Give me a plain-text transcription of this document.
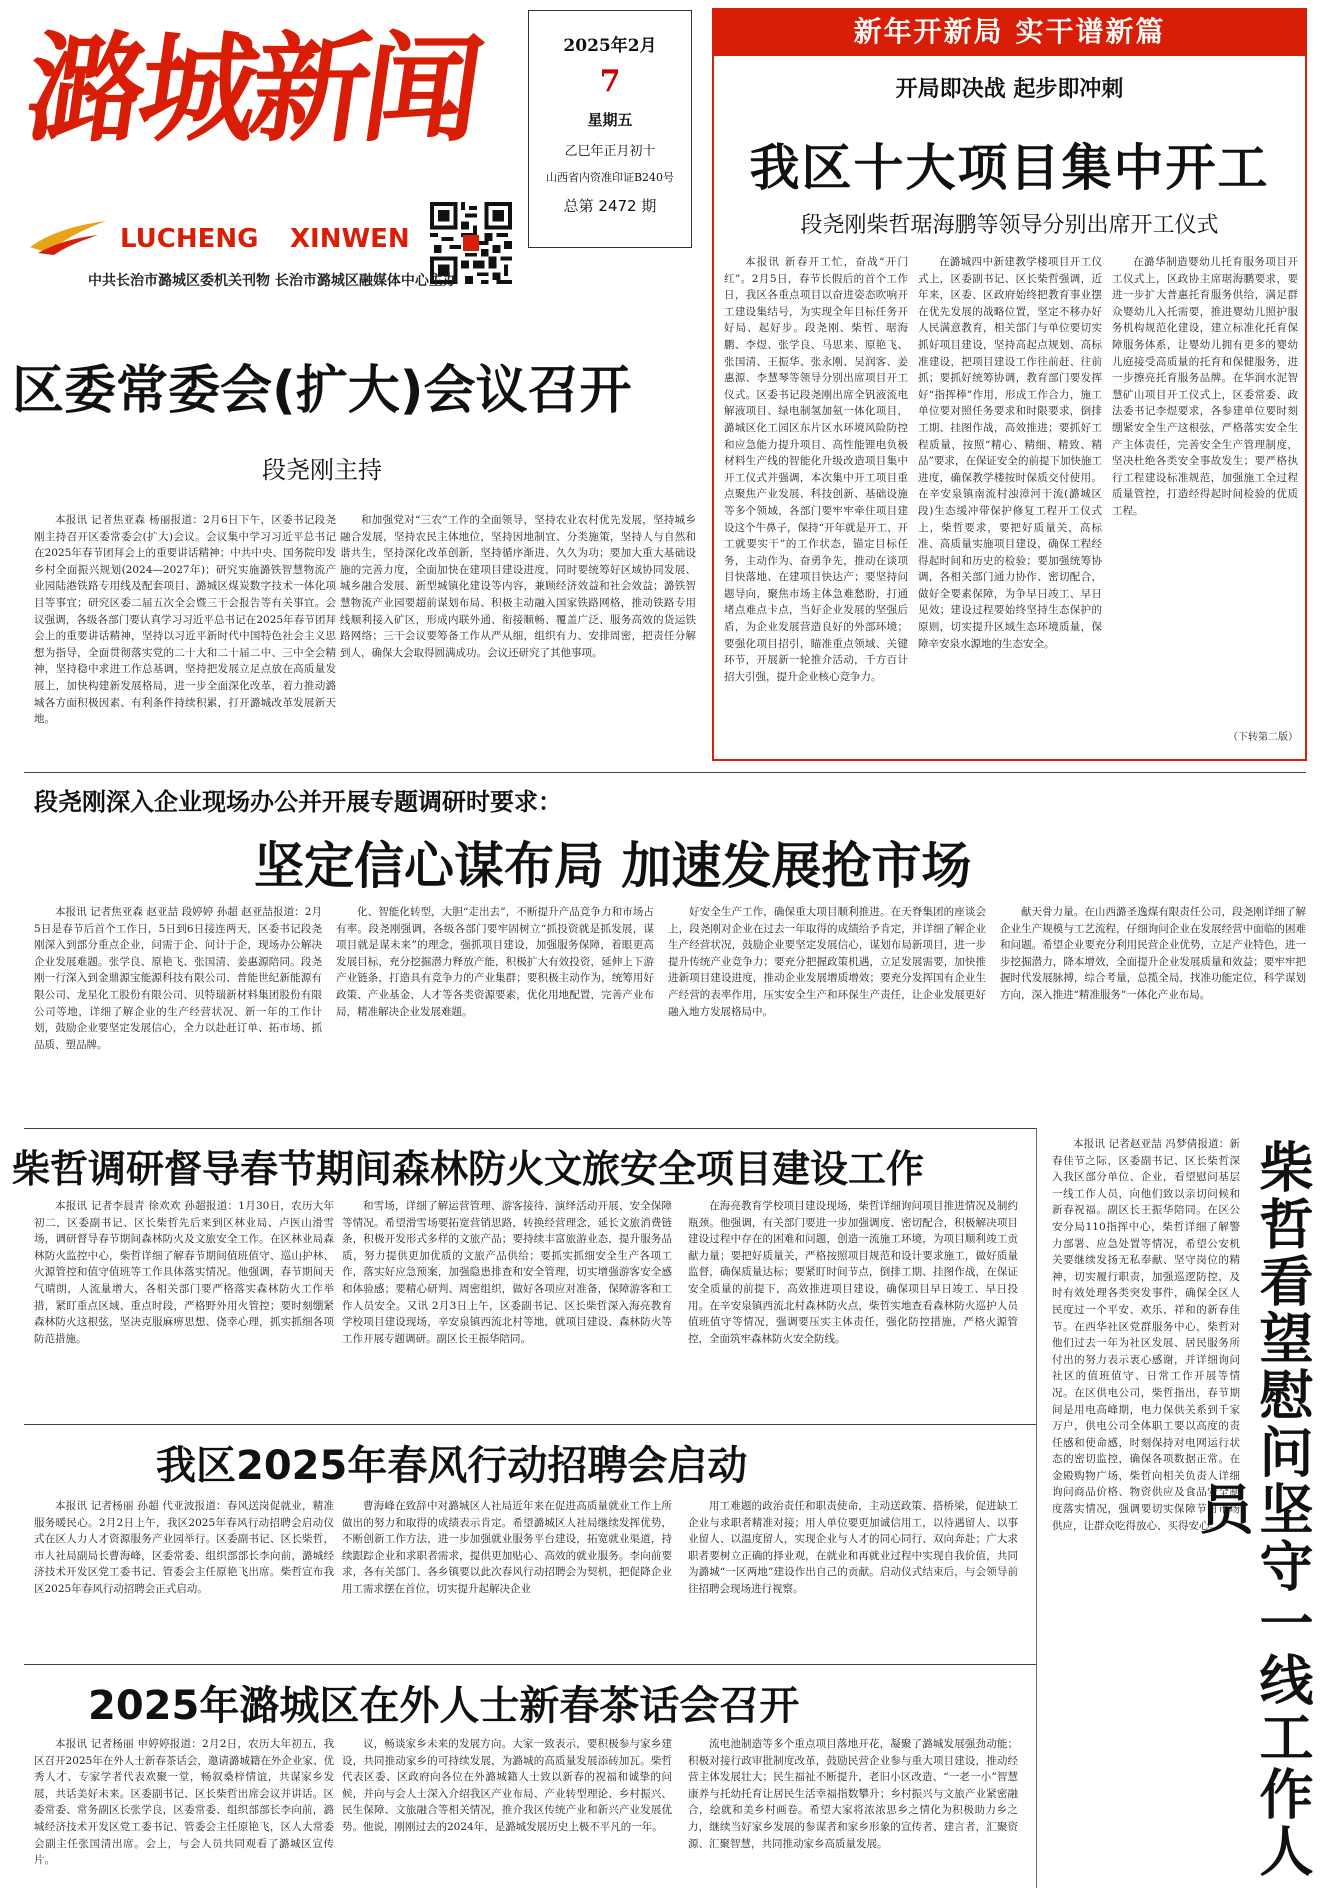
潞城新闻
LUCHENG XINWEN
中共长治市潞城区委机关刊物 长治市潞城区融媒体中心主办
2025年2月
7
星期五
乙巳年正月初十
山西省内资准印证B240号
总第 2472 期
新年开新局 实干谱新篇
开局即决战 起步即冲刺
我区十大项目集中开工
段尧刚柴哲琚海鹏等领导分别出席开工仪式

本报讯 新春开工忙，奋战“开门红”。2月5日，春节长假后的首个工作日，我区各重点项目以奋进姿态吹响开工建设集结号，为实现全年目标任务开好局、起好步。段尧刚、柴哲、琚海鹏、李煜、张学良、马思来、原艳飞、张国清、王振华、张永刚、吴润客、姜惠源、李慧琴等领导分别出席项目开工仪式。区委书记段尧刚出席全钒液流电解液项目、绿电制氢加氨一体化项目，潞城区化工园区东片区水环境风险防控和应急能力提升项目、高性能锂电负极材料生产线的智能化升级改造项目集中开工仪式并强调，本次集中开工项目重点聚焦产业发展、科技创新、基础设施等多个领域，各部门要牢牢牵住项目建设这个牛鼻子，保持“开年就是开工、开工就要实干”的工作状态，锚定目标任务，主动作为、奋勇争先，推动在谈项目快落地、在建项目快达产；要坚持问题导向，聚焦市场主体急难愁盼，打通堵点难点卡点，当好企业发展的坚强后盾，为企业发展营造良好的外部环境；要强化项目招引，瞄准重点领域、关键环节，开展新一轮推介活动，千方百计招大引强，提升企业核心竞争力。

在潞城四中新建教学楼项目开工仪式上，区委副书记、区长柴哲强调，近年来，区委、区政府始终把教育事业摆在优先发展的战略位置，坚定不移办好人民满意教育，相关部门与单位要切实抓好项目建设，坚持高起点规划、高标准建设，把项目建设工作往前赶、往前抓；要抓好统筹协调，教育部门要发挥好“指挥棒”作用，形成工作合力，施工单位要对照任务要求和时限要求，倒排工期、挂图作战，高效推进；要抓好工程质量，按照“精心、精细、精致、精品”要求，在保证安全的前提下加快施工进度，确保教学楼按时保质交付使用。在辛安泉镇南流村浊漳河干流(潞城区段)生态缓冲带保护修复工程开工仪式上，柴哲要求，要把好质量关，高标准、高质量实施项目建设，确保工程经得起时间和历史的检验；要加强统筹协调，各相关部门通力协作、密切配合，做好全要素保障，为争早日竣工、早日见效；建设过程要始终坚持生态保护的原则，切实提升区域生态环境质量，保障辛安泉水源地的生态安全。

在潞华制造婴幼儿托育服务项目开工仪式上，区政协主席琚海鹏要求，要进一步扩大普惠托育服务供给，满足群众婴幼儿入托需要，推进婴幼儿照护服务机构规范化建设，建立标准化托育保障服务体系，让婴幼儿拥有更多的婴幼儿庭接受高质量的托育和保健服务，进一步擦亮托育服务品牌。在华润水泥智慧矿山项目开工仪式上，区委常委、政法委书记李煜要求，各参建单位要时刻绷紧安全生产这根弦，严格落实安全生产主体责任，完善安全生产管理制度，坚决杜绝各类安全事故发生；要严格执行工程建设标准规范，加强施工全过程质量管控，打造经得起时间检验的优质工程。

（下转第二版）
区委常委会(扩大)会议召开
段尧刚主持

本报讯 记者焦亚森 杨丽报道：2月6日下午，区委书记段尧刚主持召开区委常委会(扩大)会议。会议集中学习习近平总书记在2025年春节团拜会上的重要讲话精神；中共中央、国务院印发乡村全面振兴规划(2024—2027年)；研究实施潞铁智慧物流产业园陆港铁路专用线及配套项目、潞城区煤炭数字技术一体化项目等事宜；研究区委二届五次全会暨三干会报告等有关事宜。会议强调，各级各部门要认真学习习近平总书记在2025年春节团拜会上的重要讲话精神，坚持以习近平新时代中国特色社会主义思想为指导，全面贯彻落实党的二十大和二十届二中、三中全会精神，坚持稳中求进工作总基调，坚持把发展立足点放在高质量发展上，加快构建新发展格局，进一步全面深化改革，着力推动潞城各方面积极因素、有利条件持续积累，打开潞城改革发展新天地。

和加强党对“三农”工作的全面领导，坚持农业农村优先发展，坚持城乡融合发展，坚持农民主体地位，坚持因地制宜、分类施策，坚持人与自然和谐共生，坚持深化改革创新，坚持循序渐进、久久为功；要加大重大基础设施的完善力度，全面加快在建项目建设进度，同时要统筹好区域协同发展、城乡融合发展、新型城镇化建设等内容，兼顾经济效益和社会效益；潞铁智慧物流产业园要超前谋划布局、积极主动融入国家铁路网格，推动铁路专用线顺利接入矿区，形成内联外通、衔接顺畅、覆盖广泛、服务高效的货运铁路网络；三干会议要筹备工作从严从细，组织有力、安排周密，把责任分解到人，确保大会取得圆满成功。会议还研究了其他事项。

段尧刚深入企业现场办公并开展专题调研时要求：
坚定信心谋布局 加速发展抢市场

本报讯 记者焦亚森 赵亚喆 段婷婷 孙超 赵亚喆报道：2月5日是春节后首个工作日，5日到6日接连两天，区委书记段尧刚深入到部分重点企业，问需于企、问计于企，现场办公解决企业发展难题。张学良、原艳飞、张国清、姜惠源陪同。段尧刚一行深入到金鼎源宝能源科技有限公司、普能世纪新能源有限公司、龙星化工股份有限公司、贝特瑞新材料集团股份有限公司等地，详细了解企业的生产经营状况、新一年的工作计划，鼓励企业要坚定发展信心，全力以赴赶订单、拓市场、抓品质、塑品牌。

化、智能化转型，大胆“走出去”，不断提升产品竞争力和市场占有率。段尧刚强调，各级各部门要牢固树立“抓投资就是抓发展，谋项目就是谋未来”的理念，强抓项目建设，加强服务保障，着眼更高发展目标，充分挖掘潜力释放产能，积极扩大有效投资，延伸上下游产业链条，打造具有竞争力的产业集群；要积极主动作为，统筹用好政策、产业基金、人才等各类资源要素，优化用地配置，完善产业布局，精准解决企业发展难题。

好安全生产工作，确保重大项目顺利推进。在天脊集团的座谈会上，段尧刚对企业在过去一年取得的成绩给予肯定，并详细了解企业生产经营状况，鼓励企业要坚定发展信心，谋划布局新项目，进一步提升传统产业竞争力；要充分把握政策机遇，立足发展需要，加快推进新项目建设进度，推动企业发展增质增效；要充分发挥国有企业生产经营的表率作用，压实安全生产和环保生产责任，让企业发展更好融入地方发展格局中。

献天骨力量。在山西潞圣逸煤有限责任公司，段尧刚详细了解企业生产规模与工艺流程，仔细询问企业在发展经营中面临的困难和问题。希望企业要充分利用民营企业优势，立足产业特色，进一步挖掘潜力，降本增效，全面提升企业发展质量和效益；要牢牢把握时代发展脉搏，综合考量，总揽全局，找准功能定位，科学谋划方向，深入推进“精准服务”一体化产业布局。

柴哲调研督导春节期间森林防火文旅安全项目建设工作

本报讯 记者李晨青 徐欢欢 孙超报道：1月30日，农历大年初二，区委副书记、区长柴哲先后来到区林业局、卢医山滑雪场，调研督导春节期间森林防火及文旅安全工作。在区林业局森林防火监控中心，柴哲详细了解春节期间值班值守、巡山护林、火源管控和值守值班等工作具体落实情况。他强调，春节期间天气晴朗，人流量增大，各相关部门要严格落实森林防火工作举措，紧盯重点区域、重点时段，严格野外用火管控；要时刻绷紧森林防火这根弦，坚决克服麻痹思想、侥幸心理，抓实抓细各项防范措施。

和雪场，详细了解运营管理、游客接待、演绎活动开展、安全保障等情况。希望滑雪场要拓宽营销思路，转换经营理念，延长文旅消费链条，积极开发形式多样的文旅产品；要持续丰富旅游业态，提升服务品质，努力提供更加优质的文旅产品供给；要抓实抓细安全生产各项工作，落实好应急预案，加强隐患排查和安全管理，切实增强游客安全感和体验感；要精心研判、周密组织，做好各项应对准备，保障游客和工作人员安全。又讯 2月3日上午，区委副书记、区长柴哲深入海亮教育学校项目建设现场，辛安泉镇西流北村等地，就项目建设、森林防火等工作开展专题调研。副区长王振华陪同。

在海亮教育学校项目建设现场，柴哲详细询问项目推进情况及制约瓶颈。他强调，有关部门要进一步加强调度、密切配合，积极解决项目建设过程中存在的困难和问题，创造一流施工环境，为项目顺利竣工贡献力量；要把好质量关，严格按照项目规范和设计要求施工，做好质量监督，确保质量达标；要紧盯时间节点，倒排工期、挂图作战，在保证安全质量的前提下，高效推进项目建设，确保项目早日竣工、早日投用。在辛安泉镇西流北村森林防火点，柴哲实地查看森林防火巡护人员值班值守等情况，强调要压实主体责任，强化防控措施，严格火源管控，全面筑牢森林防火安全防线。

本报讯 记者赵亚喆 冯梦倩报道：新春佳节之际，区委副书记、区长柴哲深入我区部分单位、企业，看望慰问基层一线工作人员，向他们致以亲切问候和新春祝福。副区长王振华陪同。在区公安分局110指挥中心，柴哲详细了解警力部署、应急处置等情况，希望公安机关要继续发扬无私奉献、坚守岗位的精神，切实履行职责，加强巡逻防控，及时有效处理各类突发事件，确保全区人民度过一个平安、欢乐、祥和的新春佳节。在西华社区党群服务中心，柴哲对他们过去一年为社区发展、居民服务所付出的努力表示衷心感谢，并详细询问社区的值班值守、日常工作开展等情况。在区供电公司，柴哲指出，春节期间是用电高峰期，电力保供关系到千家万户，供电公司全体职工要以高度的责任感和使命感，时刻保持对电网运行状态的密切监控，确保各项数据正常。在金殿购物广场，柴哲向相关负责人详细询问商品价格、物资供应及食品安全制度落实情况，强调要切实保障节日市场供应，让群众吃得放心、买得安心。 柴哲看望慰问坚守一线工作人员
我区2025年春风行动招聘会启动

本报讯 记者杨丽 孙超 代亚波报道：春风送岗促就业，精准服务暖民心。2月2日上午，我区2025年春风行动招聘会启动仪式在区人力人才资源服务产业园举行。区委副书记、区长柴哲，市人社局副局长曹海峰，区委常委、组织部部长李向前，潞城经济技术开发区党工委书记、管委会主任原艳飞出席。柴哲宣布我区2025年春风行动招聘会正式启动。

曹海峰在致辞中对潞城区人社局近年来在促进高质量就业工作上所做出的努力和取得的成绩表示肯定。希望潞城区人社局继续发挥优势，不断创新工作方法，进一步加强就业服务平台建设，拓宽就业渠道，持续跟踪企业和求职者需求，提供更加贴心、高效的就业服务。李向前要求，各有关部门、各乡镇要以此次春风行动招聘会为契机，把促降企业用工需求摆在首位，切实提升起解决企业

用工难题的政治责任和职责使命，主动送政策、搭桥梁，促进缺工企业与求职者精准对接；用人单位要更加诚信用工，以待遇留人、以事业留人、以温度留人，实现企业与人才的同心同行、双向奔赴；广大求职者要树立正确的择业观，在就业和再就业过程中实现自我价值，共同为潞城“一区两地”建设作出自己的贡献。启动仪式结束后，与会领导前往招聘会现场进行视察。

2025年潞城区在外人士新春茶话会召开

本报讯 记者杨丽 申婷婷报道：2月2日，农历大年初五，我区召开2025年在外人士新春茶话会，邀请潞城籍在外企业家、优秀人才、专家学者代表欢聚一堂，畅叙桑梓情谊，共谋家乡发展，共话美好未来。区委副书记、区长柴哲出席会议并讲话。区委常委、常务副区长张学良，区委常委、组织部部长李向前，潞城经济技术开发区党工委书记、管委会主任原艳飞，区人大常委会副主任张国清出席。会上，与会人员共同观看了潞城区宣传片。

议，畅谈家乡未来的发展方向。大家一致表示，要积极参与家乡建设，共同推动家乡的可持续发展，为潞城的高质量发展添砖加瓦。柴哲代表区委、区政府向各位在外潞城籍人士致以新春的祝福和诚挚的问候，并向与会人士深入介绍我区产业布局、产业转型理论、乡村振兴、民生保障、文旅融合等相关情况，推介我区传统产业和新兴产业发展优势。他说，刚刚过去的2024年，是潞城发展历史上极不平凡的一年。

流电池制造等多个重点项目落地开花，凝聚了潞城发展强劲动能；积极对接行政审批制度改革，鼓励民营企业参与重大项目建设，推动经营主体发展壮大；民生福祉不断提升，老旧小区改造、“一老一小”智慧康养与托幼托育让居民生活幸福指数攀升；乡村振兴与文旅产业紧密融合，绘就和美乡村画卷。希望大家将浓浓思乡之情化为积极助力乡之力，继续当好家乡发展的参谋者和家乡形象的宣传者、建言者，汇聚资源、汇聚智慧，共同推动家乡高质量发展。
